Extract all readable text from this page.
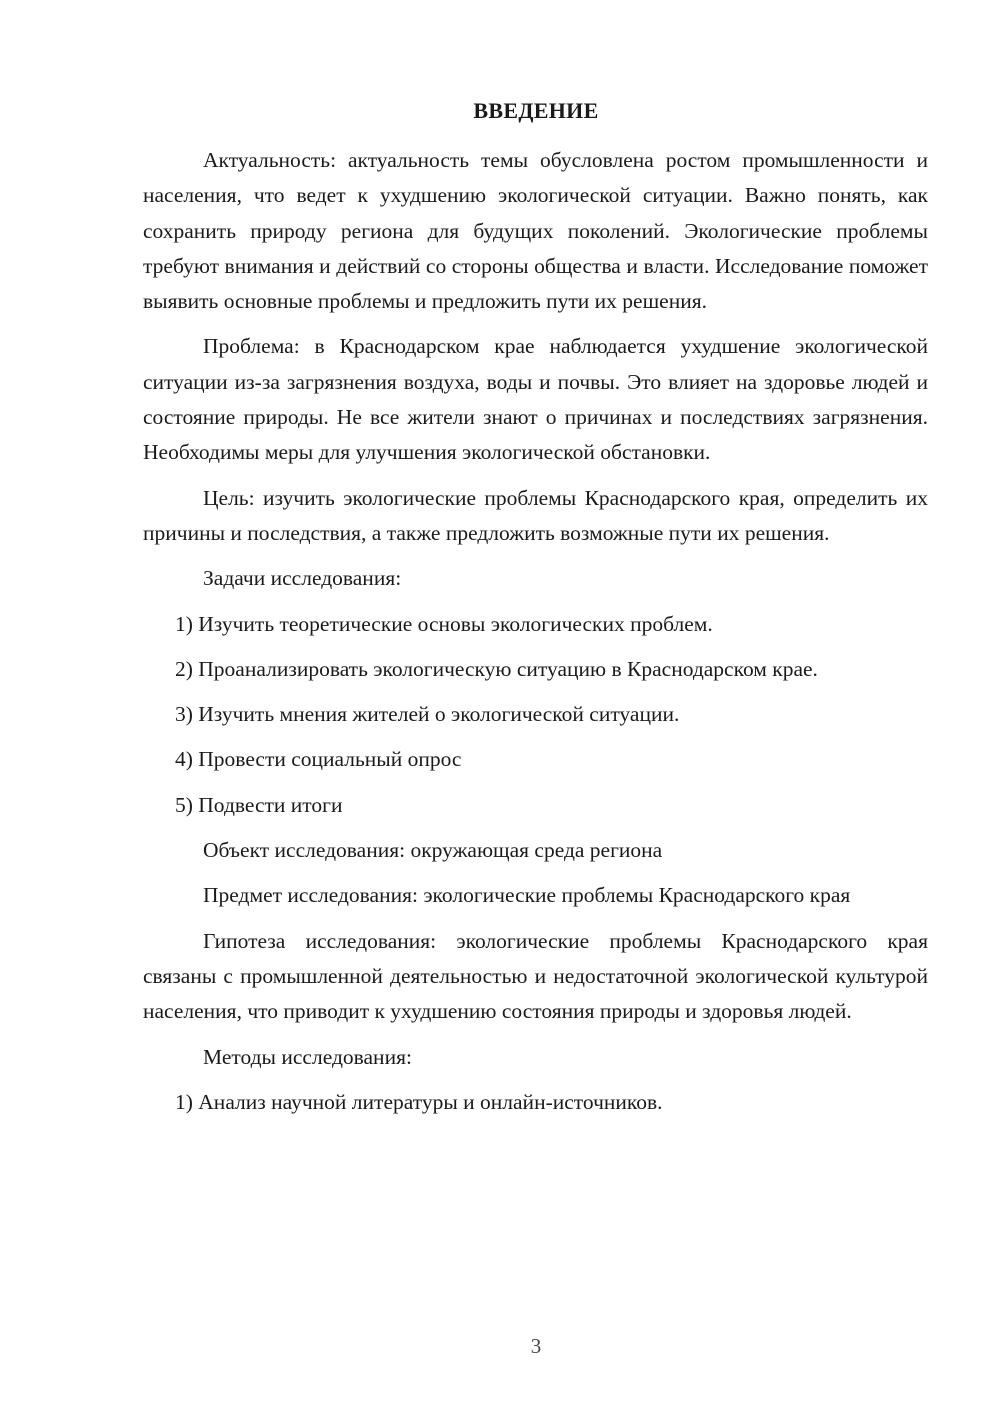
ВВЕДЕНИЕ

Актуальность: актуальность темы обусловлена ростом промышленности и населения, что ведет к ухудшению экологической ситуации. Важно понять, как сохранить природу региона для будущих поколений. Экологические проблемы требуют внимания и действий со стороны общества и власти. Исследование поможет выявить основные проблемы и предложить пути их решения.

Проблема: в Краснодарском крае наблюдается ухудшение экологической ситуации из-за загрязнения воздуха, воды и почвы. Это влияет на здоровье людей и состояние природы. Не все жители знают о причинах и последствиях загрязнения. Необходимы меры для улучшения экологической обстановки.

Цель: изучить экологические проблемы Краснодарского края, определить их причины и последствия, а также предложить возможные пути их решения.

Задачи исследования:

1) Изучить теоретические основы экологических проблем.

2) Проанализировать экологическую ситуацию в Краснодарском крае.

3) Изучить мнения жителей о экологической ситуации.

4) Провести социальный опрос

5) Подвести итоги

Объект исследования: окружающая среда региона

Предмет исследования: экологические проблемы Краснодарского края

Гипотеза исследования: экологические проблемы Краснодарского края связаны с промышленной деятельностью и недостаточной экологической культурой населения, что приводит к ухудшению состояния природы и здоровья людей.

Методы исследования:

1) Анализ научной литературы и онлайн-источников.

3
